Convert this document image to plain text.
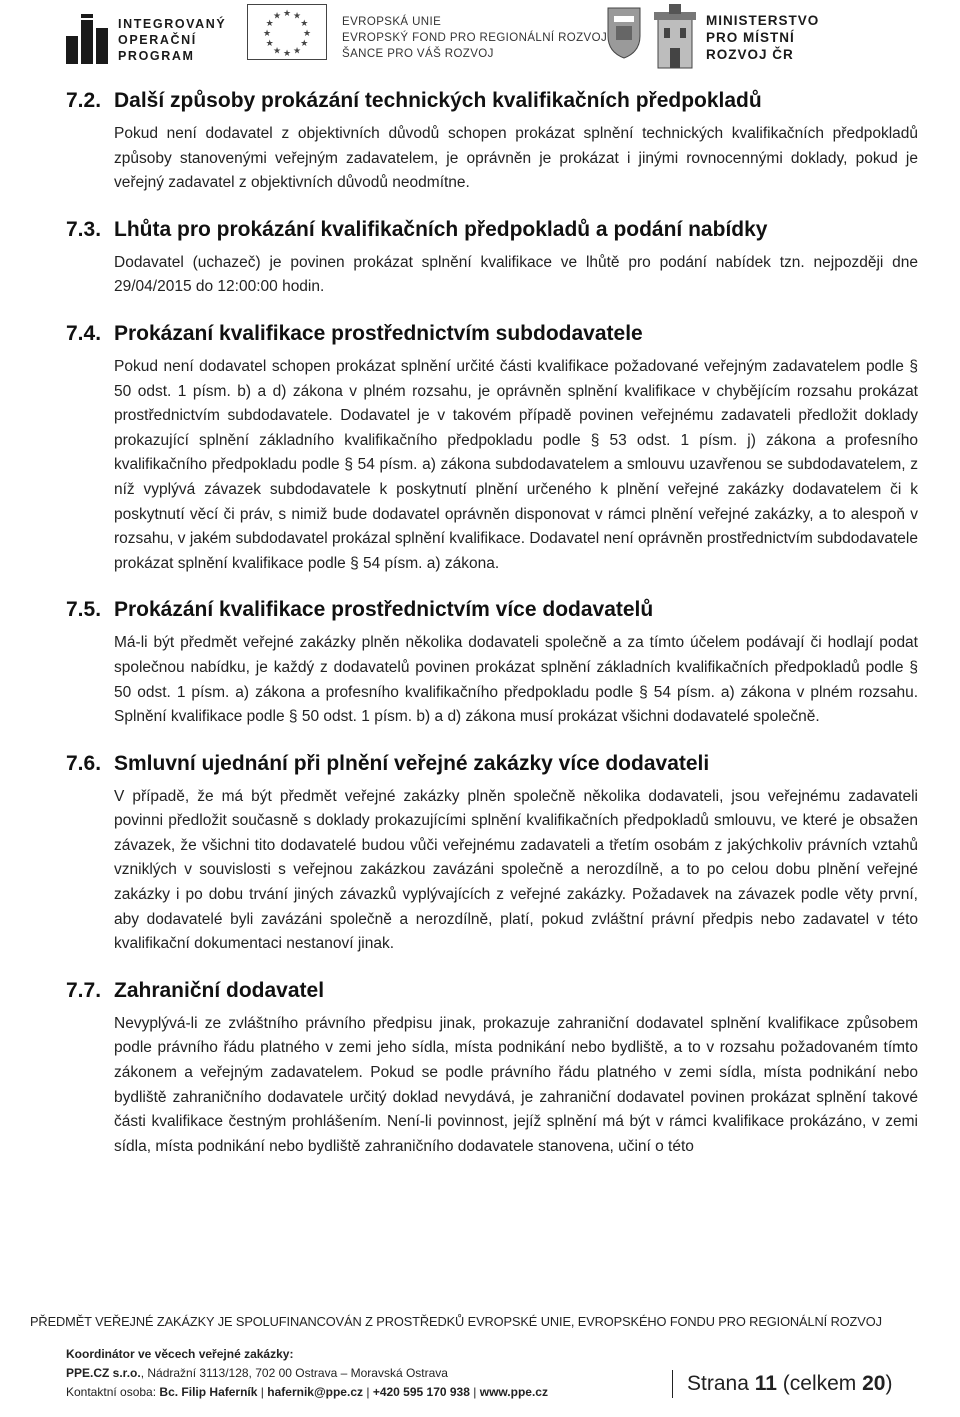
INTEGROVANÝ
OPERAČNÍ
PROGRAM
★ ★
★
★
★
★
★
★
★
★
★
★	EVROPSKÁ UNIE
EVROPSKÝ FOND PRO REGIONÁLNÍ ROZVOJ
ŠANCE PRO VÁŠ ROZVOJ
MINISTERSTVO
PRO MÍSTNÍ
ROZVOJ ČR
7.2. Další způsoby prokázání technických kvalifikačních předpokladů

Pokud není dodavatel z objektivních důvodů schopen prokázat splnění technických kvalifikačních předpokladů způsoby stanovenými veřejným zadavatelem, je oprávněn je prokázat i jinými rovnocennými doklady, pokud je veřejný zadavatel z objektivních důvodů neodmítne.

7.3. Lhůta pro prokázání kvalifikačních předpokladů a podání nabídky

Dodavatel (uchazeč) je povinen prokázat splnění kvalifikace ve lhůtě pro podání nabídek tzn. nejpozději dne 29/04/2015 do 12:00:00 hodin.

7.4. Prokázaní kvalifikace prostřednictvím subdodavatele

Pokud není dodavatel schopen prokázat splnění určité části kvalifikace požadované veřejným zadavatelem podle § 50 odst. 1 písm. b) a d) zákona v plném rozsahu, je oprávněn splnění kvalifikace v chybějícím rozsahu prokázat prostřednictvím subdodavatele. Dodavatel je v takovém případě povinen veřejnému zadavateli předložit doklady prokazující splnění základního kvalifikačního předpokladu podle § 53 odst. 1 písm. j) zákona a profesního kvalifikačního předpokladu podle § 54 písm. a) zákona subdodavatelem a smlouvu uzavřenou se subdodavatelem, z níž vyplývá závazek subdodavatele k poskytnutí plnění určeného k plnění veřejné zakázky dodavatelem či k poskytnutí věcí či práv, s nimiž bude dodavatel oprávněn disponovat v rámci plnění veřejné zakázky, a to alespoň v rozsahu, v jakém subdodavatel prokázal splnění kvalifikace. Dodavatel není oprávněn prostřednictvím subdodavatele prokázat splnění kvalifikace podle § 54 písm. a) zákona.

7.5. Prokázání kvalifikace prostřednictvím více dodavatelů

Má-li být předmět veřejné zakázky plněn několika dodavateli společně a za tímto účelem podávají či hodlají podat společnou nabídku, je každý z dodavatelů povinen prokázat splnění základních kvalifikačních předpokladů podle § 50 odst. 1 písm. a) zákona a profesního kvalifikačního předpokladu podle § 54 písm. a) zákona v plném rozsahu. Splnění kvalifikace podle § 50 odst. 1 písm. b) a d) zákona musí prokázat všichni dodavatelé společně.

7.6. Smluvní ujednání při plnění veřejné zakázky více dodavateli

V případě, že má být předmět veřejné zakázky plněn společně několika dodavateli, jsou veřejnému zadavateli povinni předložit současně s doklady prokazujícími splnění kvalifikačních předpokladů smlouvu, ve které je obsažen závazek, že všichni tito dodavatelé budou vůči veřejnému zadavateli a třetím osobám z jakýchkoliv právních vztahů vzniklých v souvislosti s veřejnou zakázkou zavázáni společně a nerozdílně, a to po celou dobu plnění veřejné zakázky i po dobu trvání jiných závazků vyplývajících z veřejné zakázky. Požadavek na závazek podle věty první, aby dodavatelé byli zavázáni společně a nerozdílně, platí, pokud zvláštní právní předpis nebo zadavatel v této kvalifikační dokumentaci nestanoví jinak.

7.7. Zahraniční dodavatel

Nevyplývá-li ze zvláštního právního předpisu jinak, prokazuje zahraniční dodavatel splnění kvalifikace způsobem podle právního řádu platného v zemi jeho sídla, místa podnikání nebo bydliště, a to v rozsahu požadovaném tímto zákonem a veřejným zadavatelem. Pokud se podle právního řádu platného v zemi sídla, místa podnikání nebo bydliště zahraničního dodavatele určitý doklad nevydává, je zahraniční dodavatel povinen prokázat splnění takové části kvalifikace čestným prohlášením. Není-li povinnost, jejíž splnění má být v rámci kvalifikace prokázáno, v zemi sídla, místa podnikání nebo bydliště zahraničního dodavatele stanovena, učiní o této

PŘEDMĚT VEŘEJNÉ ZAKÁZKY JE SPOLUFINANCOVÁN Z PROSTŘEDKŮ EVROPSKÉ UNIE, EVROPSKÉHO FONDU PRO REGIONÁLNÍ ROZVOJ
Koordinátor ve věcech veřejné zakázky:
PPE.CZ s.r.o., Nádražní 3113/128, 702 00 Ostrava – Moravská Ostrava
Kontaktní osoba: Bc. Filip Haferník | hafernik@ppe.cz | +420 595 170 938 | www.ppe.cz	Strana 11 (celkem 20)
